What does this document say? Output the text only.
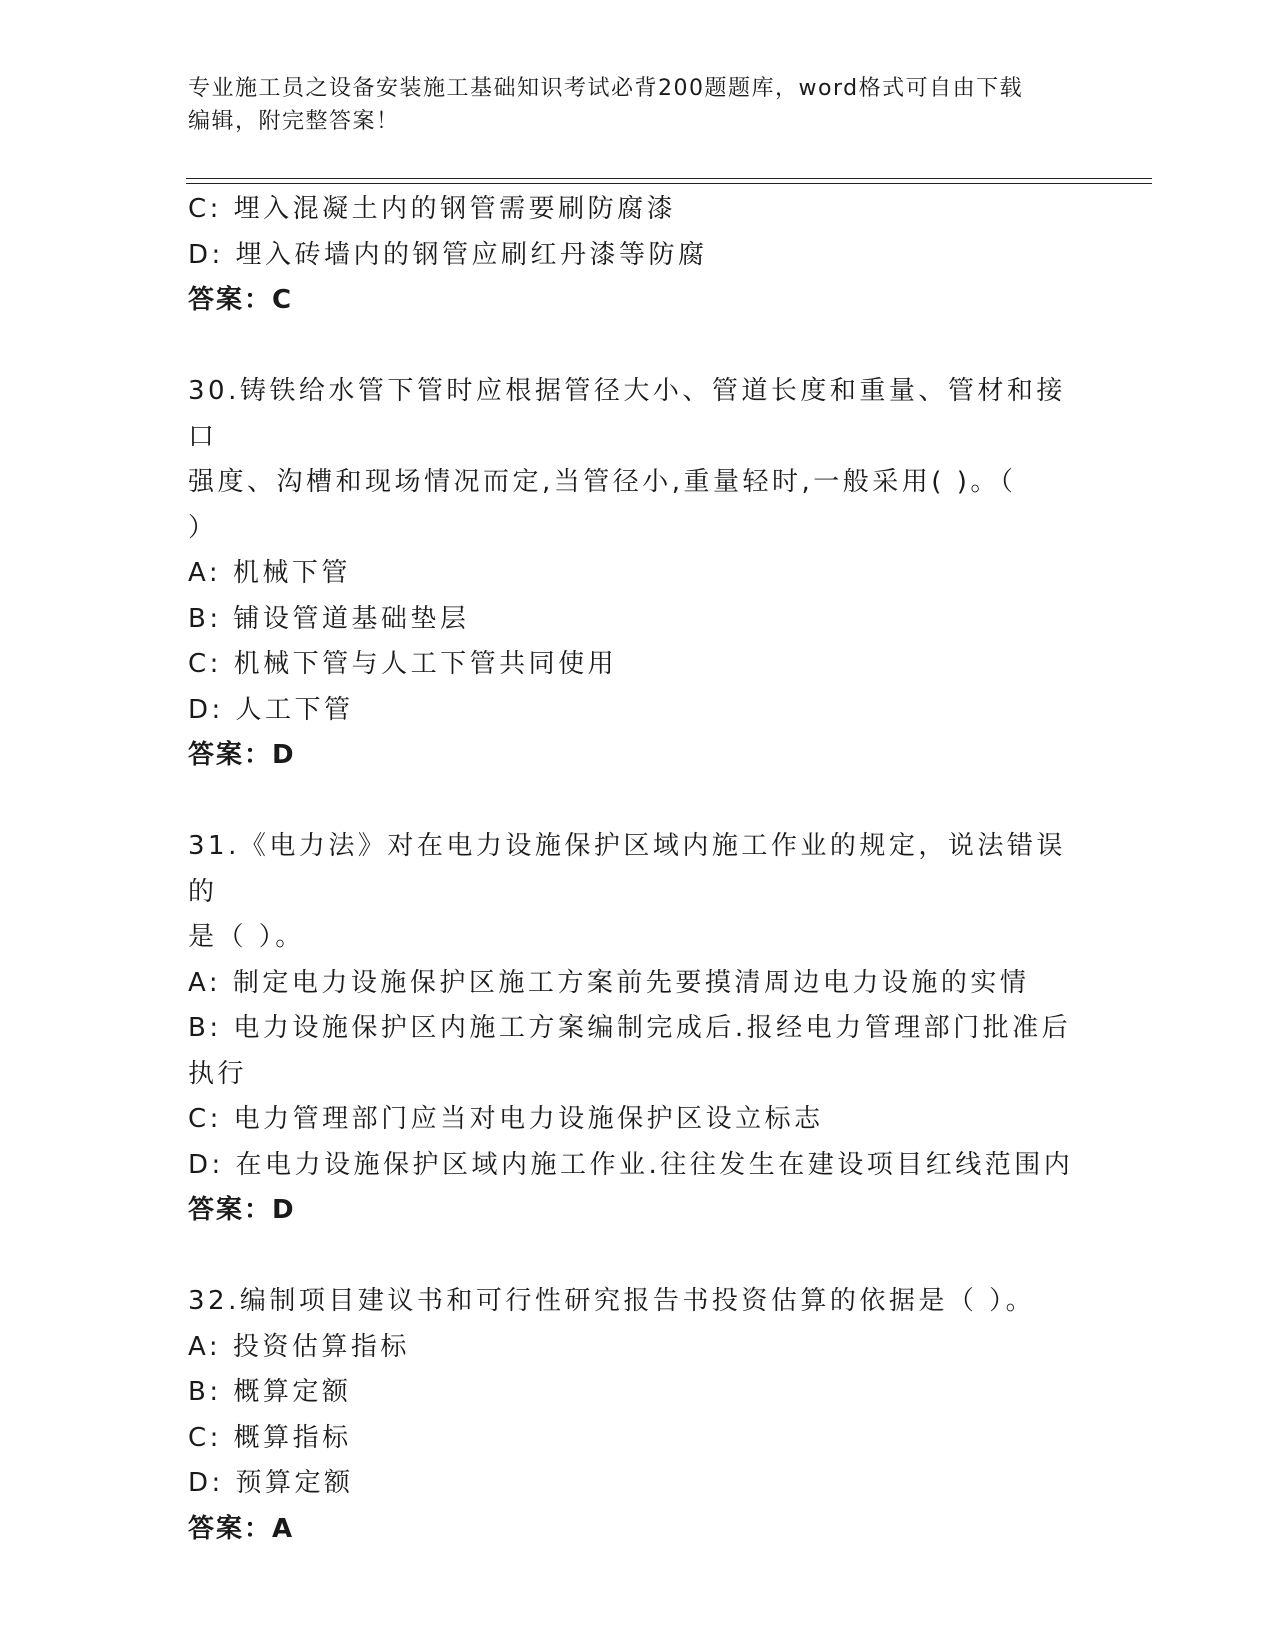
专业施工员之设备安装施工基础知识考试必背200题题库，word格式可自由下载
编辑，附完整答案！
C: 埋入混凝土内的钢管需要刷防腐漆
D: 埋入砖墙内的钢管应刷红丹漆等防腐
答案：C
30.铸铁给水管下管时应根据管径大小、管道长度和重量、管材和接口
强度、沟槽和现场情况而定,当管径小,重量轻时,一般采用( )。（
）
A: 机械下管
B: 铺设管道基础垫层
C: 机械下管与人工下管共同使用
D: 人工下管
答案：D
31.《电力法》对在电力设施保护区域内施工作业的规定，说法错误的
是（ ）。
A: 制定电力设施保护区施工方案前先要摸清周边电力设施的实情
B: 电力设施保护区内施工方案编制完成后.报经电力管理部门批准后
执行
C: 电力管理部门应当对电力设施保护区设立标志
D: 在电力设施保护区域内施工作业.往往发生在建设项目红线范围内
答案：D
32.编制项目建议书和可行性研究报告书投资估算的依据是（ ）。
A: 投资估算指标
B: 概算定额
C: 概算指标
D: 预算定额
答案：A
